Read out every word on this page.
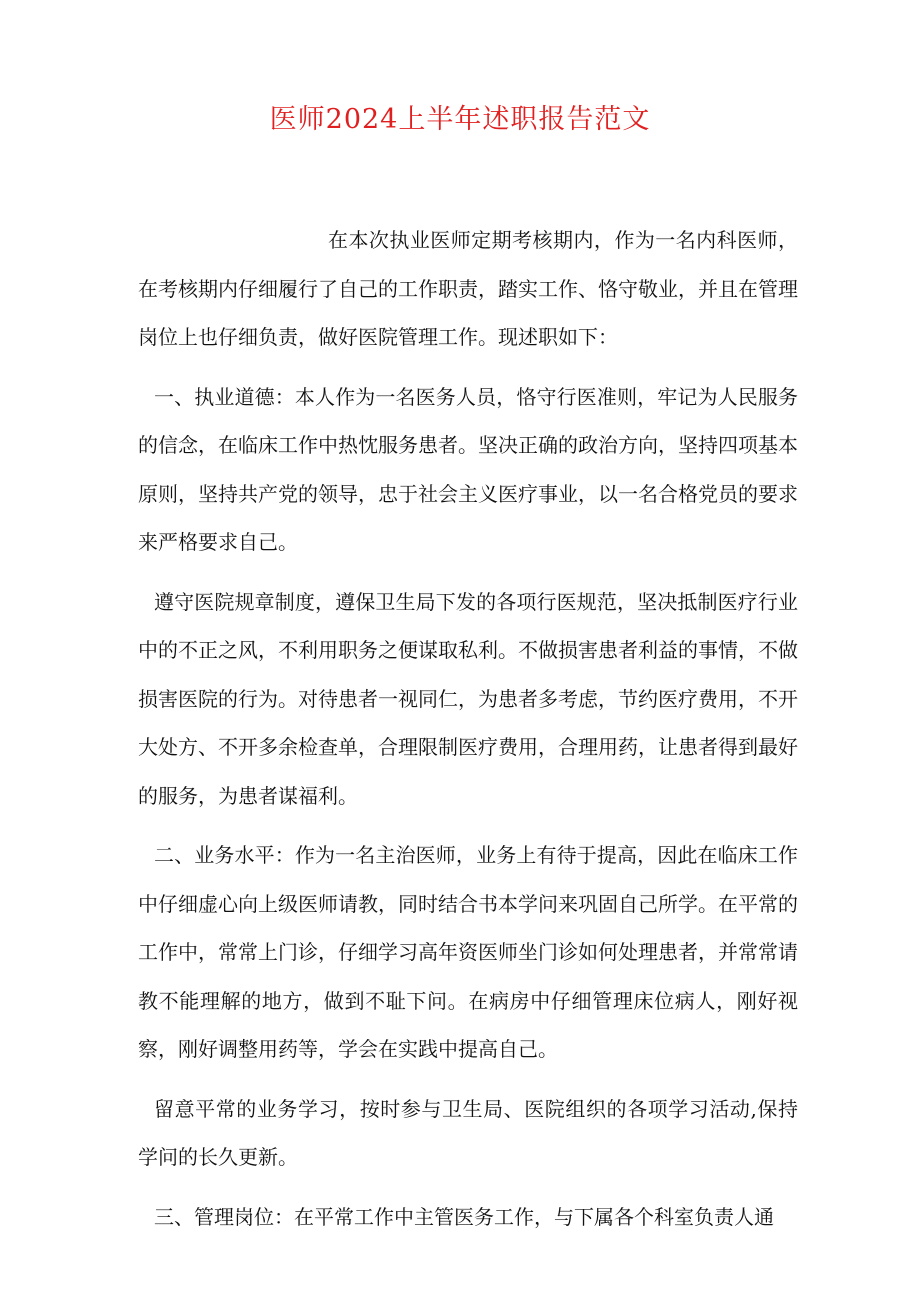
医师2024上半年述职报告范文

在本次执业医师定期考核期内，作为一名内科医师，在考核期内仔细履行了自己的工作职责，踏实工作、恪守敬业，并且在管理岗位上也仔细负责，做好医院管理工作。现述职如下：

一、执业道德：本人作为一名医务人员，恪守行医准则，牢记为人民服务的信念，在临床工作中热忱服务患者。坚决正确的政治方向，坚持四项基本原则，坚持共产党的领导，忠于社会主义医疗事业，以一名合格党员的要求来严格要求自己。

遵守医院规章制度，遵保卫生局下发的各项行医规范，坚决抵制医疗行业中的不正之风，不利用职务之便谋取私利。不做损害患者利益的事情，不做损害医院的行为。对待患者一视同仁，为患者多考虑，节约医疗费用，不开大处方、不开多余检查单，合理限制医疗费用，合理用药，让患者得到最好的服务，为患者谋福利。

二、业务水平：作为一名主治医师，业务上有待于提高，因此在临床工作中仔细虚心向上级医师请教，同时结合书本学问来巩固自己所学。在平常的工作中，常常上门诊，仔细学习高年资医师坐门诊如何处理患者，并常常请教不能理解的地方，做到不耻下问。在病房中仔细管理床位病人，刚好视察，刚好调整用药等，学会在实践中提高自己。

留意平常的业务学习，按时参与卫生局、医院组织的各项学习活动,保持学问的长久更新。

三、管理岗位：在平常工作中主管医务工作，与下属各个科室负责人通
